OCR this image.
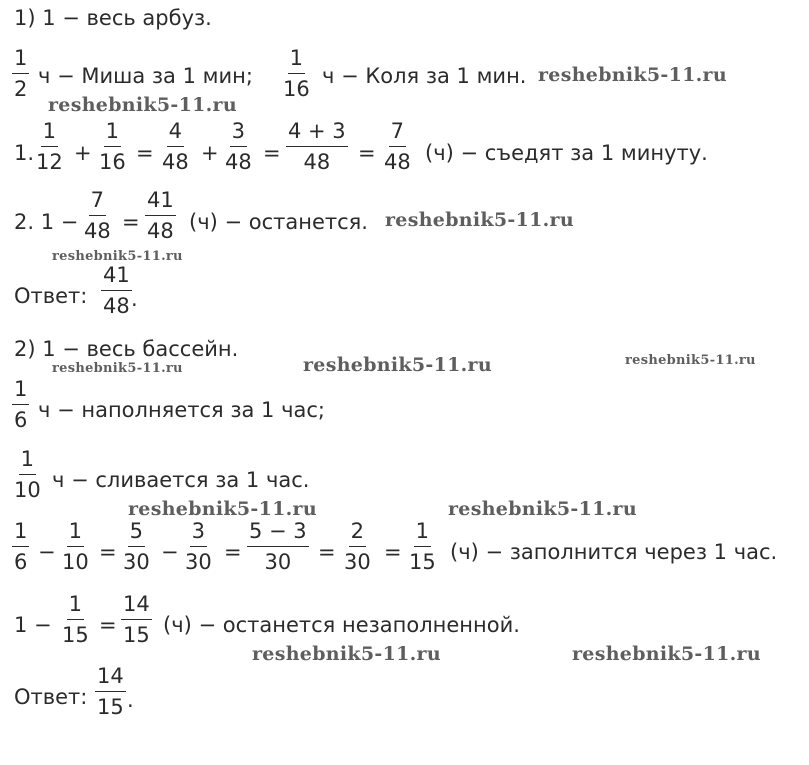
1) 1 − весь арбуз.
$\frac{1}{2}$ ч − Миша за 1 мин; $\frac{1}{16}$ ч − Коля за 1 мин.
1. $\frac{1}{12} + \frac{1}{16} = \frac{4}{48} + \frac{3}{48} = \frac{4 + 3}{48} = \frac{7}{48} (ч)$ − съедят за 1 минуту.
2. $1 - \frac{7}{48} = \frac{41}{48} (ч)$ − останется.
Ответ: $\frac{41}{48}$ .
2) 1 − весь бассейн.
$\frac{1}{6}$ ч − наполняется за 1 час;
$\frac{1}{10}$ ч − сливается за 1 час.
$\frac{1}{6} - \frac{1}{10} = \frac{5}{30} - \frac{3}{30} = \frac{5 - 3}{30} = \frac{2}{30} = \frac{1}{15} (ч)$ − заполнится через 1 час.
$1 - \frac{1}{15} = \frac{14}{15} (ч)$ − останется незаполненной.
Ответ: $\frac{14}{15}$ .
reshebnik5-11.ru
reshebnik5-11.ru
reshebnik5-11.ru
reshebnik5-11.ru
reshebnik5-11.ru	reshebnik5-11.ru	reshebnik5-11.ru
reshebnik5-11.ru	reshebnik5-11.ru
reshebnik5-11.ru	reshebnik5-11.ru
